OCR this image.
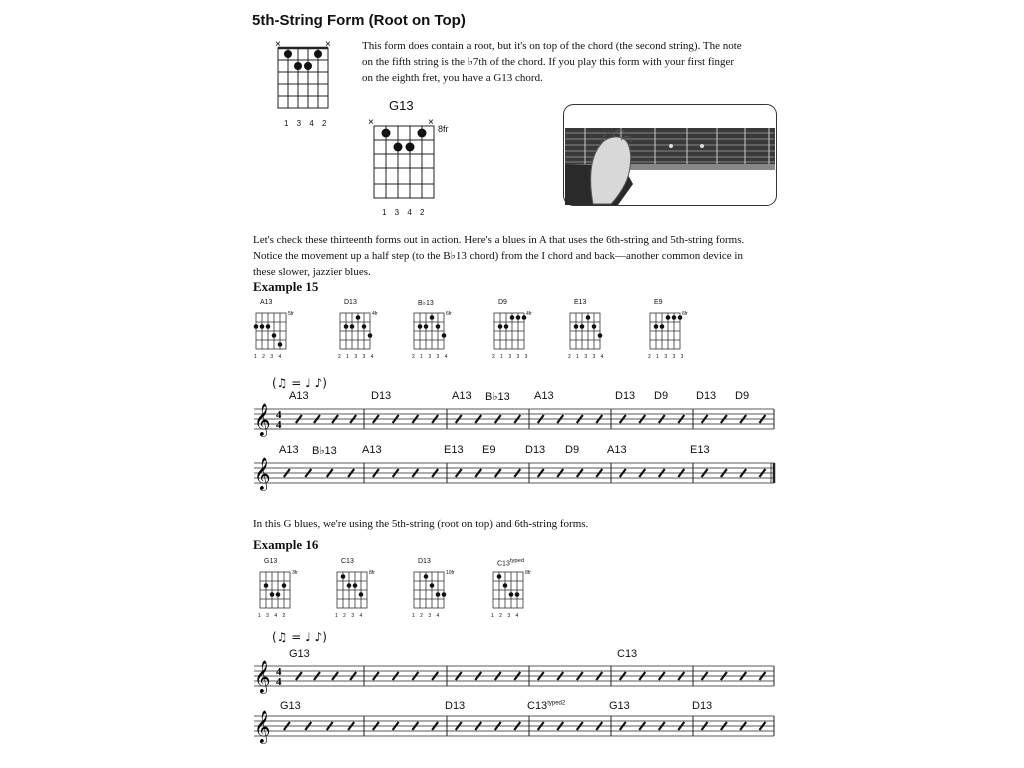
5th-String Form (Root on Top)

This form does contain a root, but it's on top of the chord (the second string). The note on the fifth string is the ♭7th of the chord. If you play this form with your first finger on the eighth fret, you have a G13 chord.

×	×
1 3 4 2
G13
×	×
8fr
1 3 4 2

Let's check these thirteenth forms out in action. Here's a blues in A that uses the 6th-string and 5th-string forms. Notice the movement up a half step (to the B♭13 chord) from the I chord and back—another common device in these slower, jazzier blues.

Example 15
A13
5fr
1 2 3 4
D13
4fr
2 1 3 3 4
B♭13
6fr
2 1 3 3 4
D9
4fr
2 1 3 3 3
E13
2 1 3 3 4
E9
6fr
2 1 3 3 3
(♫ = ♩ ♪)
𝄞 4
4
𝄞
A13	D13	A13 B♭13 A13	D13 D9	D13 D9
A13 B♭13 A13	E13 E9	D13 D9	A13	E13

In this G blues, we're using the 5th-string (root on top) and 6th-string forms.

Example 16
G13
3fr
1 3 4 2
C13
8fr
1 2 3 4
D13
10fr
1 2 3 4
$C13^{typed}$
8fr
1 2 3 4
(♫ = ♩ ♪)
𝄞 4
4
𝄞
G13	C13
G13	D13	$C13^{typed2}$	G13	D13
